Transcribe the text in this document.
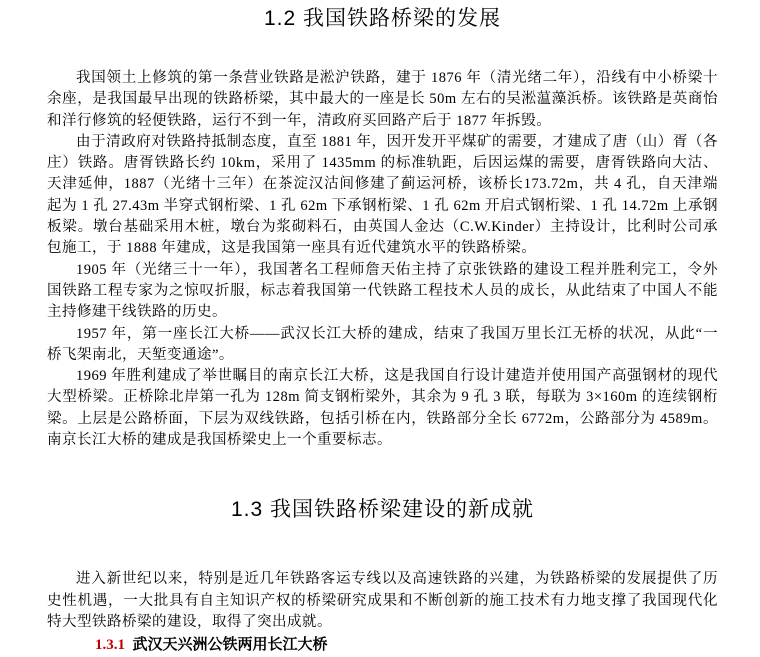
1.2 我国铁路桥梁的发展

我国领土上修筑的第一条营业铁路是淞沪铁路，建于 1876 年（清光绪二年），沿线有中小桥梁十余座，是我国最早出现的铁路桥梁，其中最大的一座是长 50m 左右的吴淞蕰藻浜桥。该铁路是英商怡和洋行修筑的轻便铁路，运行不到一年，清政府买回路产后于 1877 年拆毁。

由于清政府对铁路持抵制态度，直至 1881 年，因开发开平煤矿的需要，才建成了唐（山）胥（各庄）铁路。唐胥铁路长约 10km，采用了 1435mm 的标准轨距，后因运煤的需要，唐胥铁路向大沽、天津延伸，1887（光绪十三年）在茶淀汉沽间修建了蓟运河桥，该桥长173.72m，共 4 孔，自天津端起为 1 孔 27.43m 半穿式钢桁梁、1 孔 62m 下承钢桁梁、1 孔 62m 开启式钢桁梁、1 孔 14.72m 上承钢板梁。墩台基础采用木桩，墩台为浆砌料石，由英国人金达（C.W.Kinder）主持设计，比利时公司承包施工，于 1888 年建成，这是我国第一座具有近代建筑水平的铁路桥梁。

1905 年（光绪三十一年），我国著名工程师詹天佑主持了京张铁路的建设工程并胜利完工，令外国铁路工程专家为之惊叹折服，标志着我国第一代铁路工程技术人员的成长，从此结束了中国人不能主持修建干线铁路的历史。

1957 年，第一座长江大桥——武汉长江大桥的建成，结束了我国万里长江无桥的状况，从此“一桥飞架南北，天堑变通途”。

1969 年胜利建成了举世瞩目的南京长江大桥，这是我国自行设计建造并使用国产高强钢材的现代大型桥梁。正桥除北岸第一孔为 128m 简支钢桁梁外，其余为 9 孔 3 联，每联为 3×160m 的连续钢桁梁。上层是公路桥面，下层为双线铁路，包括引桥在内，铁路部分全长 6772m，公路部分为 4589m。南京长江大桥的建成是我国桥梁史上一个重要标志。

1.3 我国铁路桥梁建设的新成就

进入新世纪以来，特别是近几年铁路客运专线以及高速铁路的兴建，为铁路桥梁的发展提供了历史性机遇，一大批具有自主知识产权的桥梁研究成果和不断创新的施工技术有力地支撑了我国现代化特大型铁路桥梁的建设，取得了突出成就。

1.3.1 武汉天兴洲公铁两用长江大桥
